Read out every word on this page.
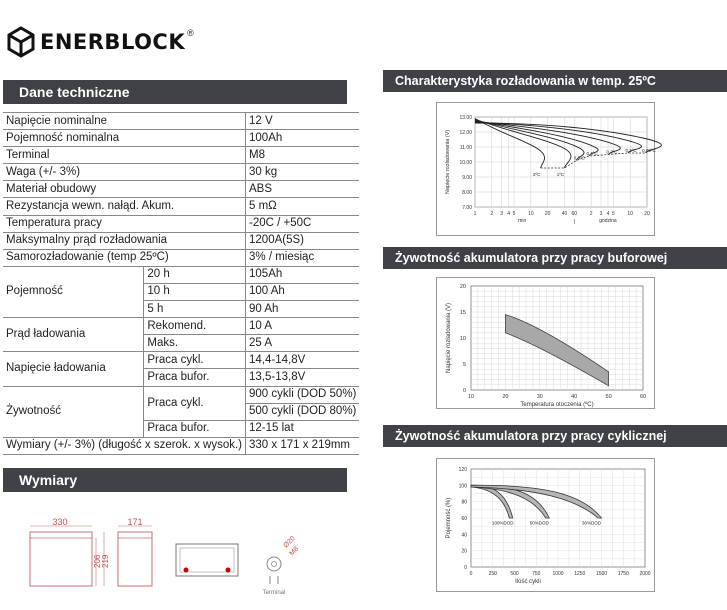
ENERBLOCK ®
Dane techniczne
Napięcie nominalne		12 V
Pojemność nominalna		100Ah
Terminal		M8
Waga (+/- 3%)		30 kg
Materiał obudowy		ABS
Rezystancja wewn. nałąd. Akum.		5 mΩ
Temperatura pracy		-20C / +50C
Maksymalny prąd rozładowania		1200A(5S)
Samorozładowanie (temp 25ºC)		3% / miesiąc
Pojemność	20 h	105Ah
	10 h	100 Ah
	5 h	90 Ah
Prąd ładowania	Rekomend.	10 A
	Maks.	25 A
Napięcie ładowania	Praca cykl.	14,4-14,8V
	Praca bufor.	13,5-13,8V
Żywotność	Praca cykl.	900 cykli (DOD 50%)
		500 cykli (DOD 80%)
	Praca bufor.	12-15 lat
Wymiary (+/- 3%) (długość x szerok. x wysok.)		330 x 171 x 219mm
Wymiary
330
206 219
171
Ø20
M8
Terminal
Charakterystyka rozładowania w temp. 25ºC
1	2 3 4 5	10 20 40 60	2 3 4 5	10 20
13.00
12.00
11.00
10.00
9.00
8.00
7.00
min	godzina
Napięcie rozładowania (V)	2ºC	1ºC
0,6ºC
0,4ºC 0,2ºC 0,1ºC 0,05ºC
Żywotność akumulatora przy pracy buforowej
10	20	30	40	50	60
20
15
10
5
0
Temperatura otoczenia (ºC)
Napięcie rozładowania (V)
Żywotność akumulatora przy pracy cyklicznej
0	250	500	750 1000 1250 1500 1750 2000
120
100
80
60
40
20
0
100%DOD	50%DOD	30%DOD
Ilość cykli
Pojemność (%)
